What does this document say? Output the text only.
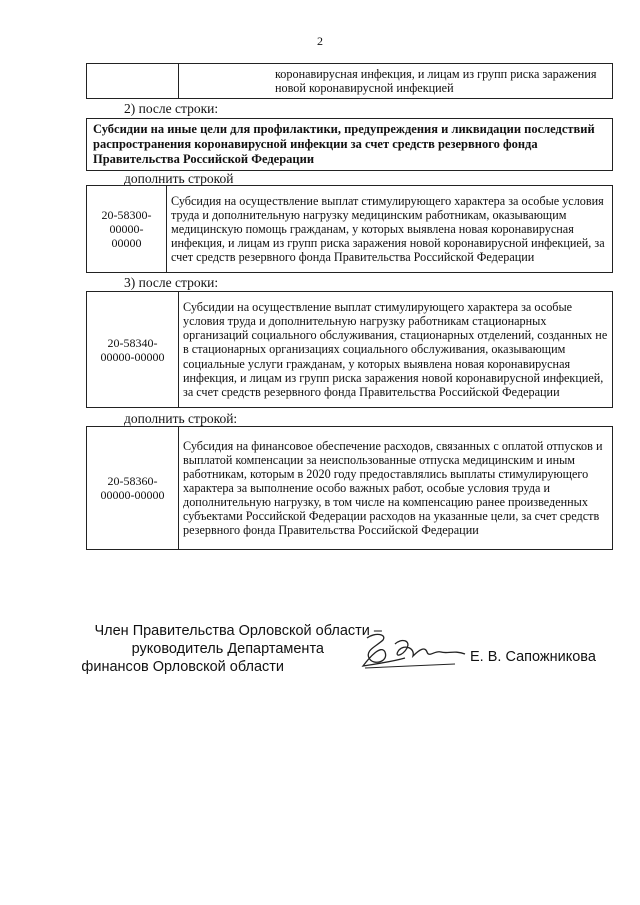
2
	коронавирусная инфекция, и лицам из групп риска заражения новой коронавирусной инфекцией
2) после строки:
Субсидии на иные цели для профилактики, предупреждения и ликвидации последствий распространения коронавирусной инфекции за счет средств резервного фонда Правительства Российской Федерации
дополнить строкой
20-58300-
00000-
00000	Субсидия на осуществление выплат стимулирующего характера за особые условия труда и дополнительную нагрузку медицинским работникам, оказывающим медицинскую помощь гражданам, у которых выявлена новая коронавирусная инфекция, и лицам из групп риска заражения новой коронавирусной инфекцией, за счет средств резервного фонда Правительства Российской Федерации
3) после строки:
20-58340-
00000-00000	Субсидии на осуществление выплат стимулирующего характера за особые условия труда и дополнительную нагрузку работникам стационарных организаций социального обслуживания, стационарных отделений, созданных не в стационарных организациях социального обслуживания, оказывающим социальные услуги гражданам, у которых выявлена новая коронавирусная инфекция, и лицам из групп риска заражения новой коронавирусной инфекцией, за счет средств резервного фонда Правительства Российской Федерации
дополнить строкой:
20-58360-
00000-00000	Субсидия на финансовое обеспечение расходов, связанных с оплатой отпусков и выплатой компенсации за неиспользованные отпуска медицинским и иным работникам, которым в 2020 году предоставлялись выплаты стимулирующего характера за выполнение особо важных работ, особые условия труда и дополнительную нагрузку, в том числе на компенсацию ранее произведенных субъектами Российской Федерации расходов на указанные цели, за счет средств резервного фонда Правительства Российской Федерации
Член Правительства Орловской области –
руководитель Департамента
финансов Орловской области
Е. В. Сапожникова
